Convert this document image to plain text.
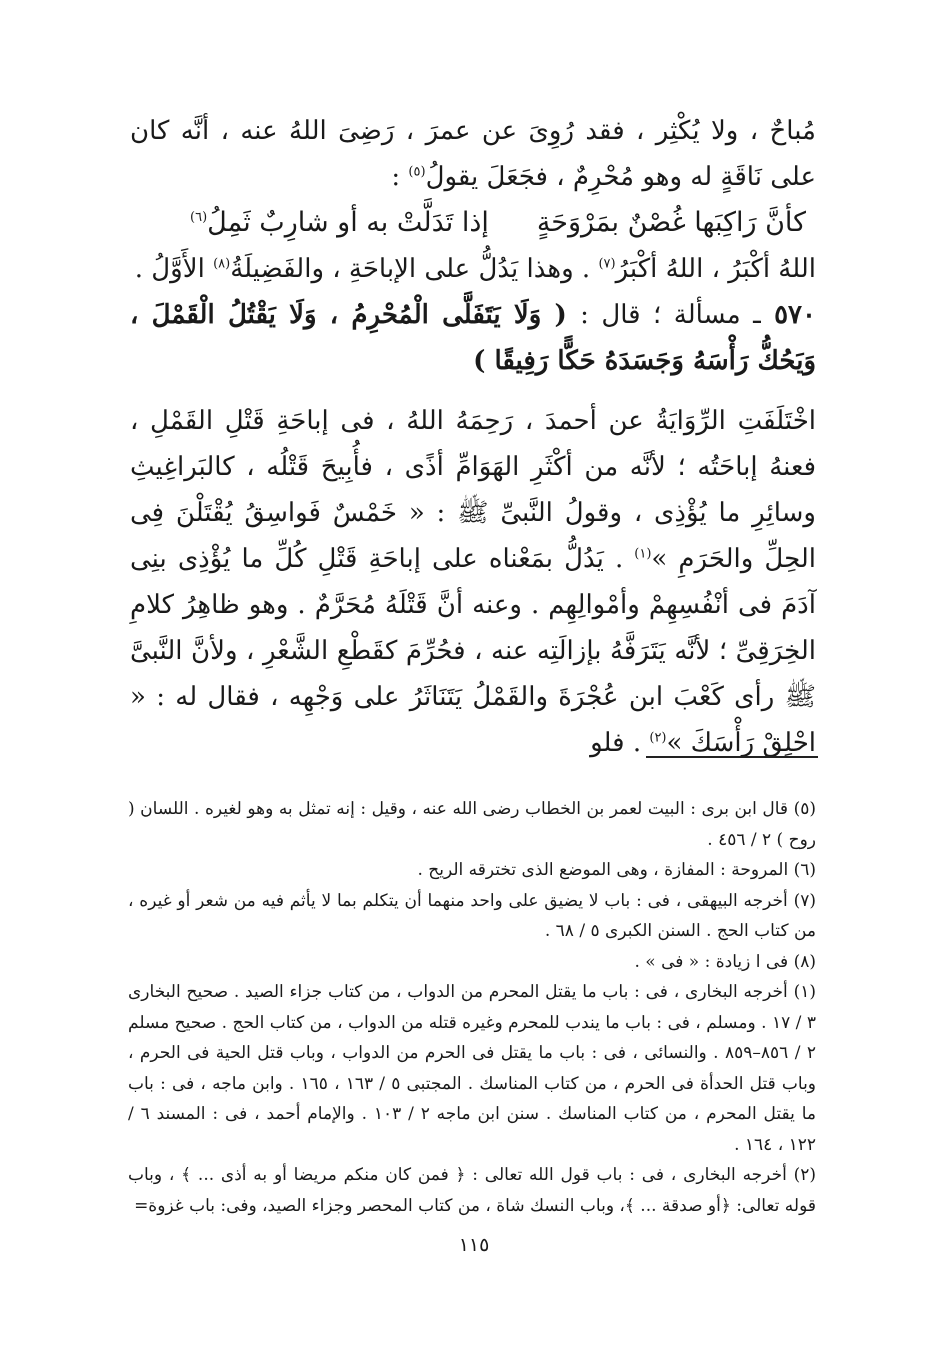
مُباحٌ ، ولا يُكْثِر ، فقد رُوِىَ عن عمرَ ، رَضِىَ اللهُ عنه ، أنَّه كان على نَاقَةٍ له وهو مُحْرِمٌ ، فجَعَلَ يقولُ$^{(٥)}$ :

كأنَّ رَاكِبَها غُصْنٌ بمَرْوَحَةٍ
إذا تَدَلَّتْ به أو شارِبٌ ثَمِلُ$^{(٦)}$

اللهُ أكْبَرُ ، اللهُ أكْبَرُ$^{(٧)}$ . وهذا يَدُلُّ على الإباحَةِ ، والفَضِيلَةُ$^{(٨)}$ الأَوَّلُ .

٥٧٠ ـ مسألة ؛ قال : ( وَلَا يَتَفَلَّى الْمُحْرِمُ ، وَلَا يَقْتُلُ الْقَمْلَ ، وَيَحُكُّ رَأْسَهُ وَجَسَدَهُ حَكًّا رَفِيقًا )

اخْتَلَفَتِ الرِّوَايَةُ عن أحمدَ ، رَحِمَهُ اللهُ ، فى إباحَةِ قَتْلِ القَمْلِ ، فعنهُ إباحَتُه ؛ لأنَّه من أكْثَرِ الهَوَامِّ أذًى ، فأُبِيحَ قَتْلُه ، كالبَراغِيثِ وسائِرِ ما يُؤْذِى ، وقولُ النَّبىِّ ﷺ : « خَمْسٌ فَواسِقُ يُقْتَلْنَ فِى الحِلِّ والحَرَمِ »$^{(١)}$ . يَدُلُّ بمَعْناه على إباحَةِ قَتْلِ كُلِّ ما يُؤْذِى بنِى آدَمَ فى أنْفُسِهِمْ وأمْوالِهِم . وعنه أنَّ قَتْلَهُ مُحَرَّمٌ . وهو ظاهِرُ كلامِ الخِرَقِىِّ ؛ لأنَّه يَتَرَفَّهُ بإزالَتِه عنه ، فحُرِّمَ كقَطْعِ الشَّعْرِ ، ولأنَّ النَّبىَّ ﷺ رأى كَعْبَ ابن عُجْرَةَ والقَمْلُ يَتَنَاثَرُ على وَجْهِه ، فقال له : « احْلِقْ رَأْسَكَ »$^{(٢)}$ . فلو

(٥) قال ابن برى : البيت لعمر بن الخطاب رضى الله عنه ، وقيل : إنه تمثل به وهو لغيره . اللسان ( روح ) ٢ / ٤٥٦ .

(٦) المروحة : المفازة ، وهى الموضع الذى تخترقه الريح .

(٧) أخرجه البيهقى ، فى : باب لا يضيق على واحد منهما أن يتكلم بما لا يأثم فيه من شعر أو غيره ، من كتاب الحج . السنن الكبرى ٥ / ٦٨ .

(٨) فى ا زيادة : « فى » .

(١) أخرجه البخارى ، فى : باب ما يقتل المحرم من الدواب ، من كتاب جزاء الصيد . صحيح البخارى ٣ / ١٧ . ومسلم ، فى : باب ما يندب للمحرم وغيره قتله من الدواب ، من كتاب الحج . صحيح مسلم ٢ / ٨٥٦–٨٥٩ . والنسائى ، فى : باب ما يقتل فى الحرم من الدواب ، وباب قتل الحية فى الحرم ، وباب قتل الحدأة فى الحرم ، من كتاب المناسك . المجتبى ٥ / ١٦٣ ، ١٦٥ . وابن ماجه ، فى : باب ما يقتل المحرم ، من كتاب المناسك . سنن ابن ماجه ٢ / ١٠٣ . والإمام أحمد ، فى : المسند ٦ / ١٢٢ ، ١٦٤ .

(٢) أخرجه البخارى ، فى : باب قول الله تعالى : ﴿ فمن كان منكم مريضا أو به أذى ... ﴾ ، وباب قوله تعالى: ﴿أو صدقة ... ﴾، وباب النسك شاة ، من كتاب المحصر وجزاء الصيد، وفى: باب غزوة=

١١٥
